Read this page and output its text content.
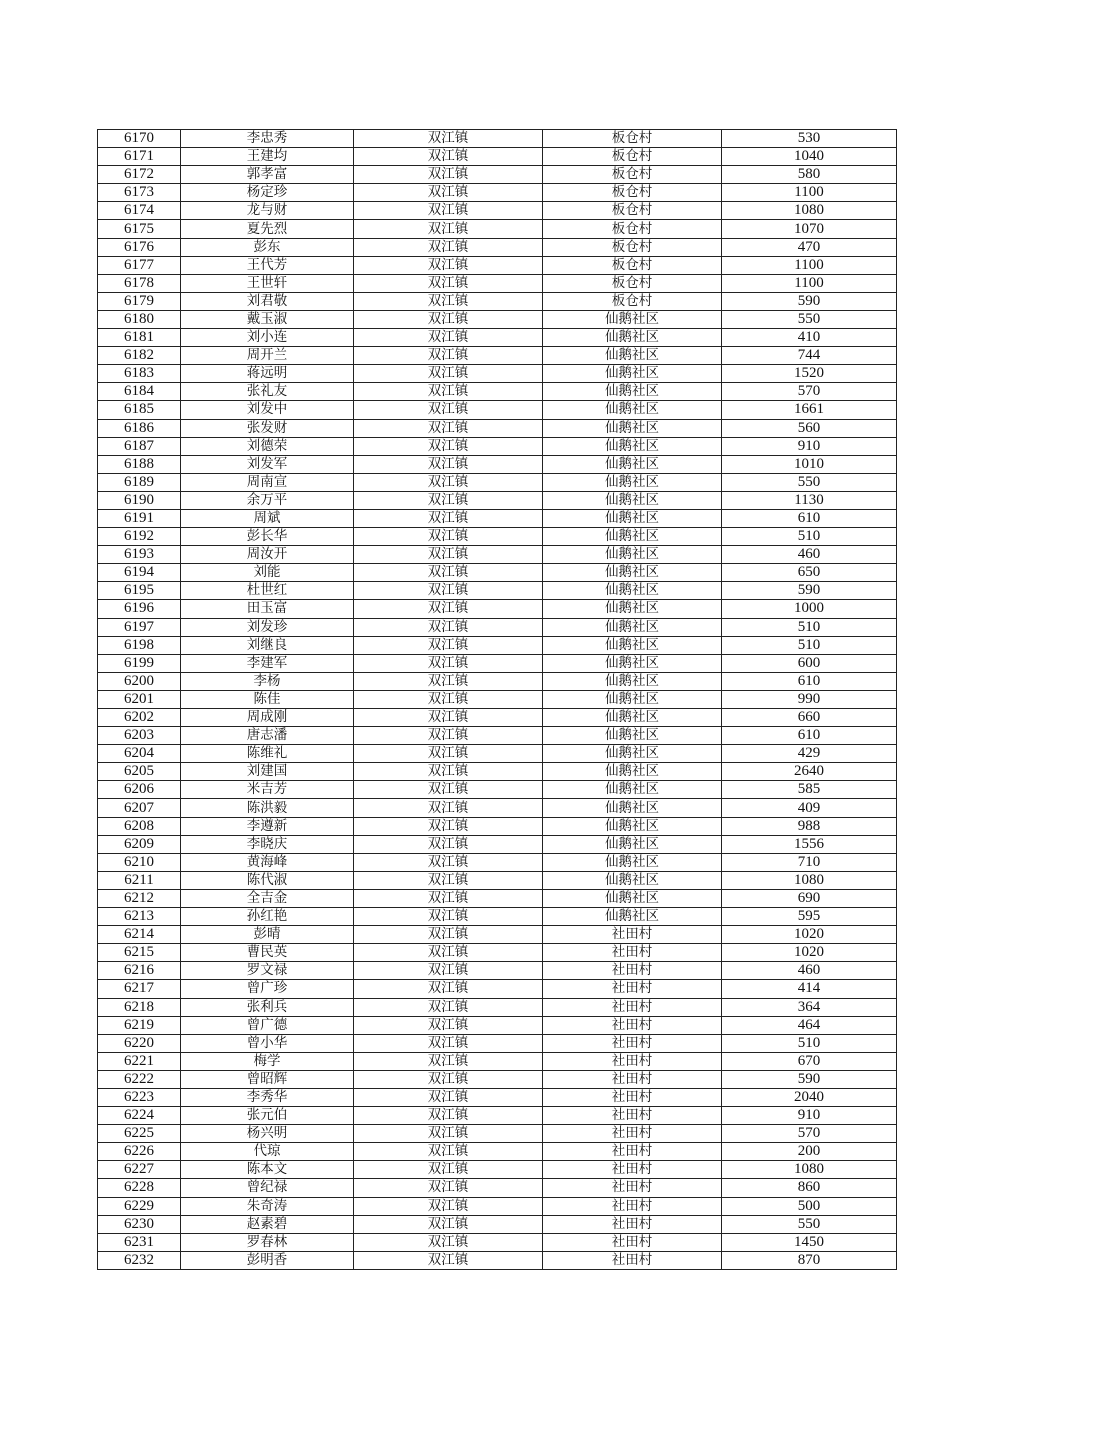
6170	李忠秀	双江镇	板仓村	530
6171	王建均	双江镇	板仓村	1040
6172	郭孝富	双江镇	板仓村	580
6173	杨定珍	双江镇	板仓村	1100
6174	龙与财	双江镇	板仓村	1080
6175	夏先烈	双江镇	板仓村	1070
6176	彭东	双江镇	板仓村	470
6177	王代芳	双江镇	板仓村	1100
6178	王世轩	双江镇	板仓村	1100
6179	刘君敬	双江镇	板仓村	590
6180	戴玉淑	双江镇	仙鹅社区	550
6181	刘小连	双江镇	仙鹅社区	410
6182	周开兰	双江镇	仙鹅社区	744
6183	蒋远明	双江镇	仙鹅社区	1520
6184	张礼友	双江镇	仙鹅社区	570
6185	刘发中	双江镇	仙鹅社区	1661
6186	张发财	双江镇	仙鹅社区	560
6187	刘德荣	双江镇	仙鹅社区	910
6188	刘发军	双江镇	仙鹅社区	1010
6189	周南宣	双江镇	仙鹅社区	550
6190	余万平	双江镇	仙鹅社区	1130
6191	周斌	双江镇	仙鹅社区	610
6192	彭长华	双江镇	仙鹅社区	510
6193	周汝开	双江镇	仙鹅社区	460
6194	刘能	双江镇	仙鹅社区	650
6195	杜世红	双江镇	仙鹅社区	590
6196	田玉富	双江镇	仙鹅社区	1000
6197	刘发珍	双江镇	仙鹅社区	510
6198	刘继良	双江镇	仙鹅社区	510
6199	李建军	双江镇	仙鹅社区	600
6200	李杨	双江镇	仙鹅社区	610
6201	陈佳	双江镇	仙鹅社区	990
6202	周成刚	双江镇	仙鹅社区	660
6203	唐志潘	双江镇	仙鹅社区	610
6204	陈维礼	双江镇	仙鹅社区	429
6205	刘建国	双江镇	仙鹅社区	2640
6206	米吉芳	双江镇	仙鹅社区	585
6207	陈洪毅	双江镇	仙鹅社区	409
6208	李遵新	双江镇	仙鹅社区	988
6209	李晓庆	双江镇	仙鹅社区	1556
6210	黄海峰	双江镇	仙鹅社区	710
6211	陈代淑	双江镇	仙鹅社区	1080
6212	全吉金	双江镇	仙鹅社区	690
6213	孙红艳	双江镇	仙鹅社区	595
6214	彭晴	双江镇	社田村	1020
6215	曹民英	双江镇	社田村	1020
6216	罗文禄	双江镇	社田村	460
6217	曾广珍	双江镇	社田村	414
6218	张利兵	双江镇	社田村	364
6219	曾广德	双江镇	社田村	464
6220	曾小华	双江镇	社田村	510
6221	梅学	双江镇	社田村	670
6222	曾昭辉	双江镇	社田村	590
6223	李秀华	双江镇	社田村	2040
6224	张元伯	双江镇	社田村	910
6225	杨兴明	双江镇	社田村	570
6226	代琼	双江镇	社田村	200
6227	陈本文	双江镇	社田村	1080
6228	曾纪禄	双江镇	社田村	860
6229	朱奇涛	双江镇	社田村	500
6230	赵素碧	双江镇	社田村	550
6231	罗春林	双江镇	社田村	1450
6232	彭明香	双江镇	社田村	870
